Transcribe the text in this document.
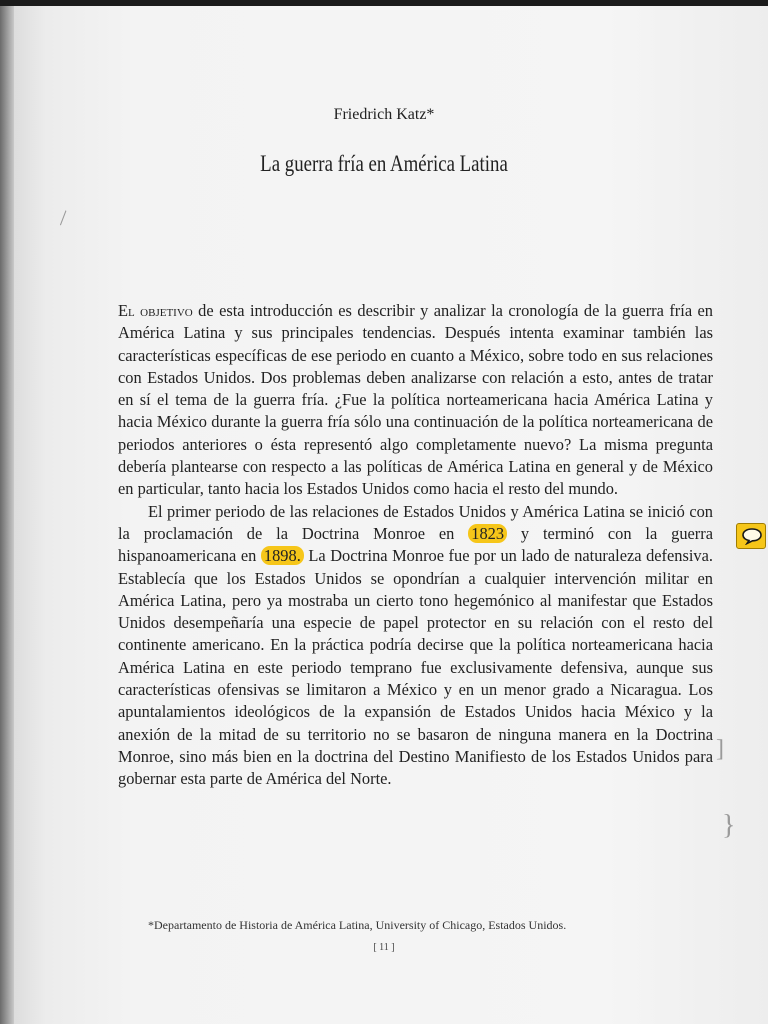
\
]
}
Friedrich Katz*
La guerra fría en América Latina

El objetivo de esta introducción es describir y analizar la cronología de la guerra fría en América Latina y sus principales tendencias. Después intenta examinar también las características específicas de ese periodo en cuanto a México, sobre todo en sus relaciones con Estados Unidos. Dos problemas deben analizarse con relación a esto, antes de tratar en sí el tema de la guerra fría. ¿Fue la política norteamericana hacia América Latina y hacia México durante la guerra fría sólo una continuación de la política norteamericana de periodos anteriores o ésta representó algo completamente nuevo? La misma pregunta debería plantearse con respecto a las políticas de América Latina en general y de México en particular, tanto hacia los Estados Unidos como hacia el resto del mundo.

El primer periodo de las relaciones de Estados Unidos y América Latina se inició con la proclamación de la Doctrina Monroe en 1823 y terminó con la guerra hispanoamericana en 1898. La Doctrina Monroe fue por un lado de naturaleza defensiva. Establecía que los Estados Unidos se opondrían a cualquier intervención militar en América Latina, pero ya mostraba un cierto tono hegemónico al manifestar que Estados Unidos desempeñaría una especie de papel protector en su relación con el resto del continente americano. En la práctica podría decirse que la política norteamericana hacia América Latina en este periodo temprano fue exclusivamente defensiva, aunque sus características ofensivas se limitaron a México y en un menor grado a Nicaragua. Los apuntalamientos ideológicos de la expansión de Estados Unidos hacia México y la anexión de la mitad de su territorio no se basaron de ninguna manera en la Doctrina Monroe, sino más bien en la doctrina del Destino Manifiesto de los Estados Unidos para gobernar esta parte de América del Norte.

*Departamento de Historia de América Latina, University of Chicago, Estados Unidos.
[ 11 ]
